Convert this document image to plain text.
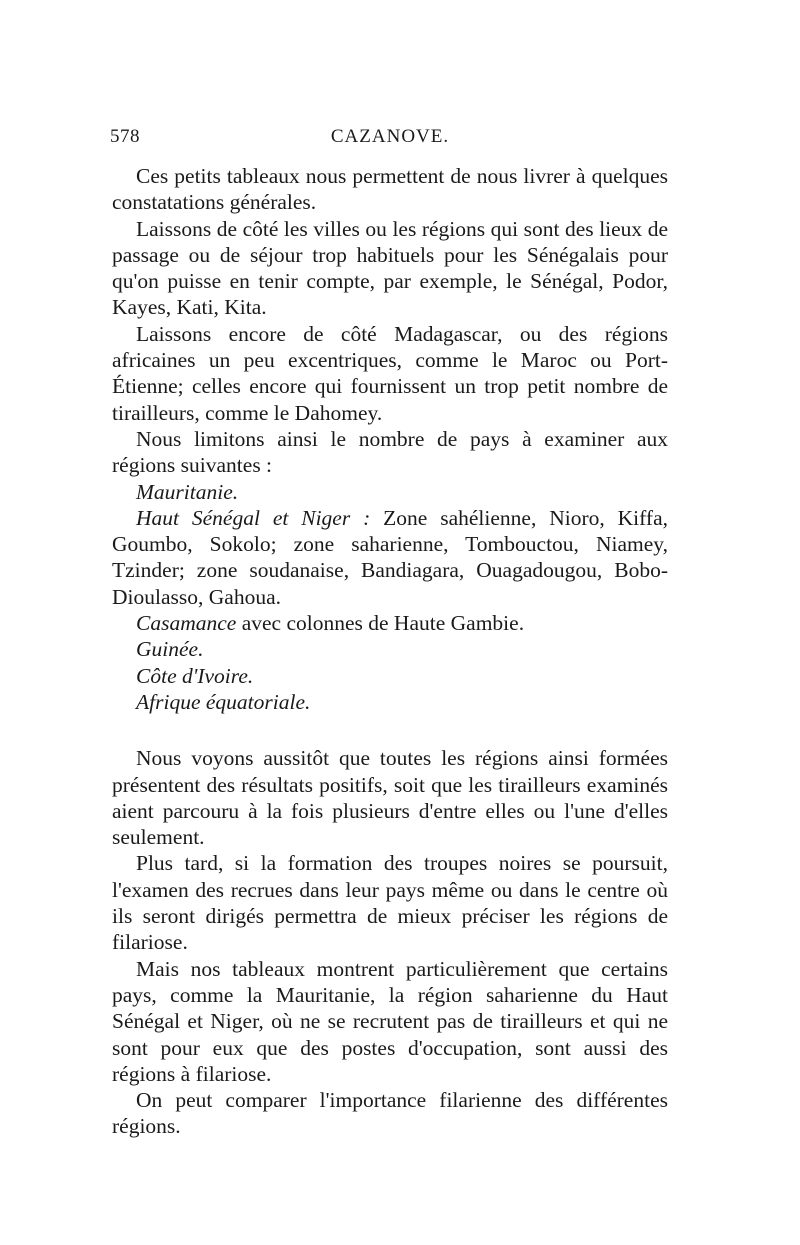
578	CAZANOVE.

Ces petits tableaux nous permettent de nous livrer à quelques constatations générales.

Laissons de côté les villes ou les régions qui sont des lieux de passage ou de séjour trop habituels pour les Sénégalais pour qu'on puisse en tenir compte, par exemple, le Sénégal, Podor, Kayes, Kati, Kita.

Laissons encore de côté Madagascar, ou des régions africaines un peu excentriques, comme le Maroc ou Port-Étienne; celles encore qui fournissent un trop petit nombre de tirailleurs, comme le Dahomey.

Nous limitons ainsi le nombre de pays à examiner aux régions suivantes :

Mauritanie.

Haut Sénégal et Niger : Zone sahélienne, Nioro, Kiffa, Goumbo, Sokolo; zone saharienne, Tombouctou, Niamey, Tzinder; zone soudanaise, Bandiagara, Ouagadougou, Bobo-Dioulasso, Gahoua.

Casamance avec colonnes de Haute Gambie.

Guinée.

Côte d'Ivoire.

Afrique équatoriale.

Nous voyons aussitôt que toutes les régions ainsi formées présentent des résultats positifs, soit que les tirailleurs examinés aient parcouru à la fois plusieurs d'entre elles ou l'une d'elles seulement.

Plus tard, si la formation des troupes noires se poursuit, l'examen des recrues dans leur pays même ou dans le centre où ils seront dirigés permettra de mieux préciser les régions de filariose.

Mais nos tableaux montrent particulièrement que certains pays, comme la Mauritanie, la région saharienne du Haut Sénégal et Niger, où ne se recrutent pas de tirailleurs et qui ne sont pour eux que des postes d'occupation, sont aussi des régions à filariose.

On peut comparer l'importance filarienne des différentes régions.
